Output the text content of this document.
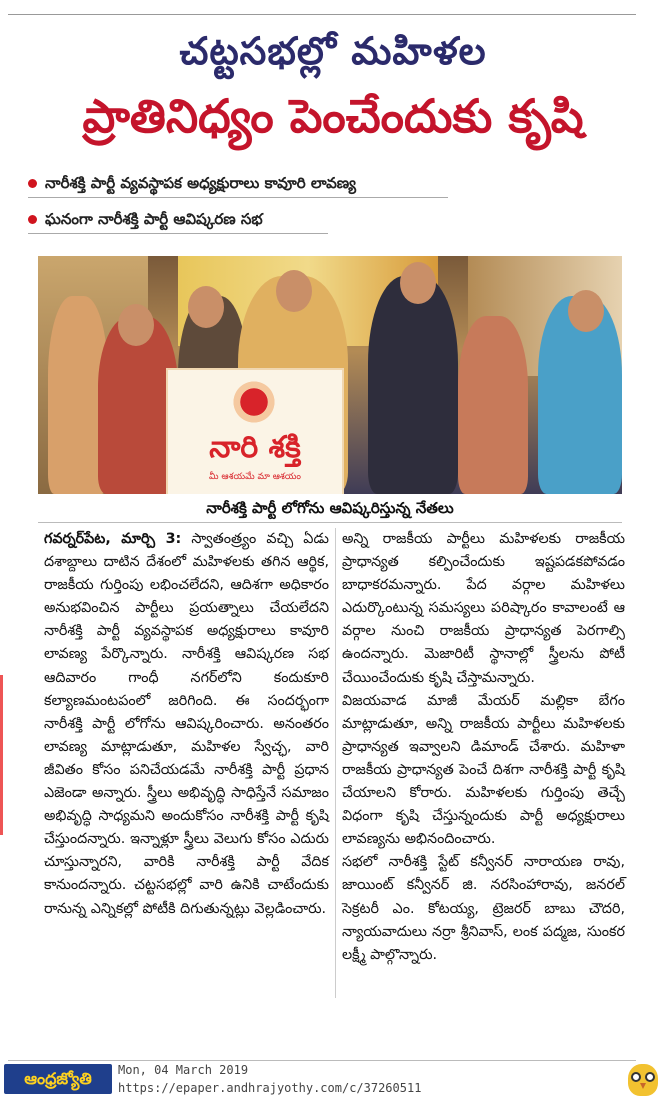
చట్టసభల్లో మహిళల
ప్రాతినిధ్యం పెంచేందుకు కృషి
నారీశక్తి పార్టీ వ్యవస్థాపక అధ్యక్షురాలు కావూరి లావణ్య
ఘనంగా నారీశక్తి పార్టీ ఆవిష్కరణ సభ
నారి శక్తి
మీ ఆశయమే మా ఆశయం
నారీశక్తి పార్టీ లోగోను ఆవిష్కరిస్తున్న నేతలు

గవర్నర్‌పేట, మార్చి 3: స్వాతంత్ర్యం వచ్చి ఏడు దశాబ్దాలు దాటిన దేశంలో మహిళలకు తగిన ఆర్థిక, రాజకీయ గుర్తింపు లభించలేదని, ఆదిశగా అధికారం అనుభవించిన పార్టీలు ప్రయత్నాలు చేయలేదని నారీశక్తి పార్టీ వ్యవస్థాపక అధ్యక్షురాలు కావూరి లావణ్య పేర్కొన్నారు. నారీశక్తి ఆవిష్కరణ సభ ఆదివారం గాంధీ నగర్‌లోని కందుకూరి కల్యాణమంటపంలో జరిగింది. ఈ సందర్భంగా నారీశక్తి పార్టీ లోగోను ఆవిష్కరించారు. అనంతరం లావణ్య మాట్లాడుతూ, మహిళల స్వేచ్ఛ, వారి జీవితం కోసం పనిచేయడమే నారీశక్తి పార్టీ ప్రధాన ఎజెండా అన్నారు. స్త్రీలు అభివృద్ధి సాధిస్తేనే సమాజం అభివృద్ధి సాధ్యమని అందుకోసం నారీశక్తి పార్టీ కృషి చేస్తుందన్నారు. ఇన్నాళ్లూ స్త్రీలు వెలుగు కోసం ఎదురు చూస్తున్నారని, వారికి నారీశక్తి పార్టీ వేదిక కానుందన్నారు. చట్టసభల్లో వారి ఉనికి చాటేందుకు రానున్న ఎన్నికల్లో పోటీకి దిగుతున్నట్లు వెల్లడించారు.

అన్ని రాజకీయ పార్టీలు మహిళలకు రాజకీయ ప్రాధాన్యత కల్పించేందుకు ఇష్టపడకపోవడం బాధాకరమన్నారు. పేద వర్గాల మహిళలు ఎదుర్కొంటున్న సమస్యలు పరిష్కారం కావాలంటే ఆ వర్గాల నుంచి రాజకీయ ప్రాధాన్యత పెరగాల్సి ఉందన్నారు. మెజారిటీ స్థానాల్లో స్త్రీలను పోటీ చేయించేందుకు కృషి చేస్తామన్నారు.

విజయవాడ మాజీ మేయర్ మల్లికా బేగం మాట్లాడుతూ, అన్ని రాజకీయ పార్టీలు మహిళలకు ప్రాధాన్యత ఇవ్వాలని డిమాండ్ చేశారు. మహిళా రాజకీయ ప్రాధాన్యత పెంచే దిశగా నారీశక్తి పార్టీ కృషి చేయాలని కోరారు. మహిళలకు గుర్తింపు తెచ్చే విధంగా కృషి చేస్తున్నందుకు పార్టీ అధ్యక్షురాలు లావణ్యను అభినందించారు.

సభలో నారీశక్తి స్టేట్ కన్వీనర్ నారాయణ రావు, జాయింట్ కన్వీనర్ జి. నరసింహారావు, జనరల్ సెక్రటరీ ఎం. కోటయ్య, ట్రెజరర్ బాబు చౌదరి, న్యాయవాదులు నర్రా శ్రీనివాస్, లంక పద్మజ, సుంకర లక్ష్మీ పాల్గొన్నారు.

ఆంధ్రజ్యోతి	Mon, 04 March 2019
https://epaper.andhrajyothy.com/c/37260511
